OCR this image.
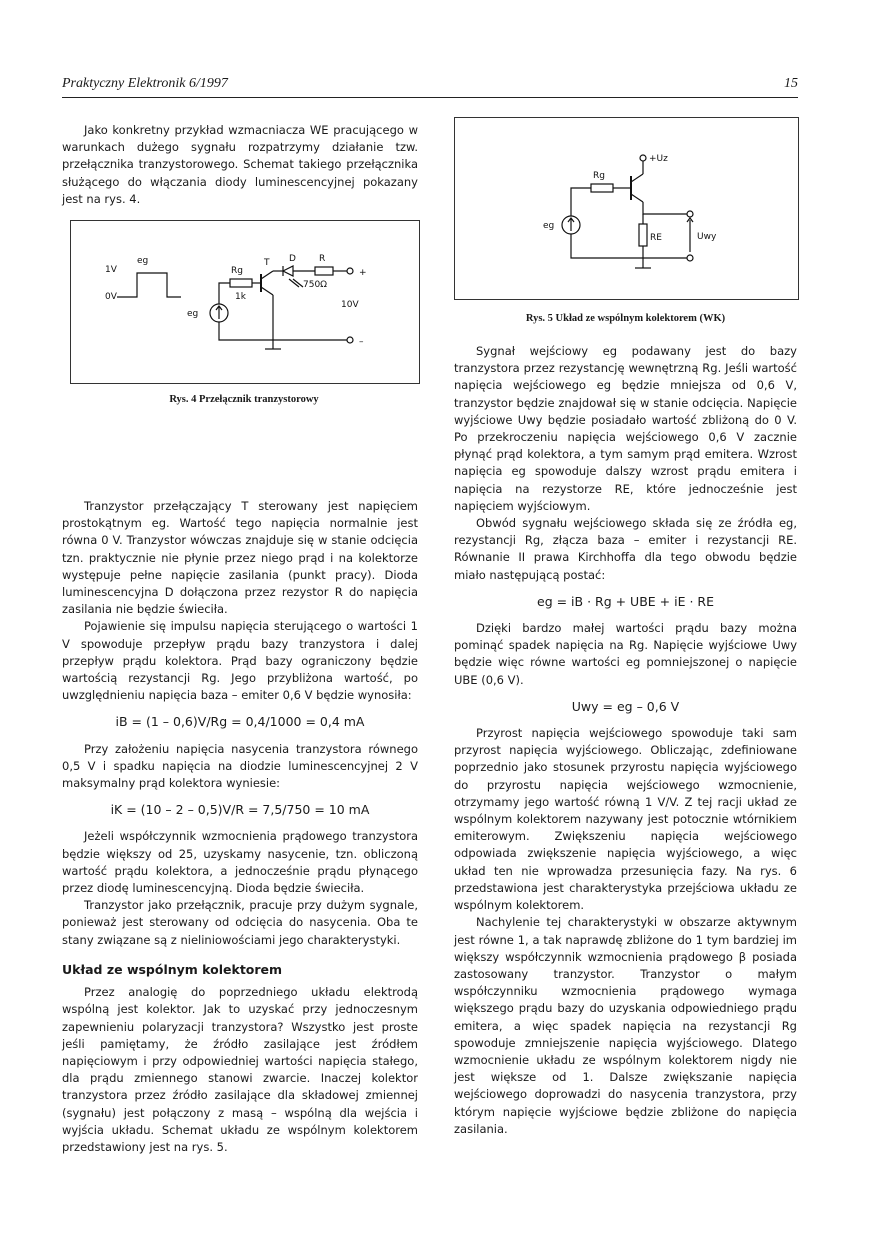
Praktyczny Elektronik 6/1997	15

Jako konkretny przykład wzmacniacza WE pracującego w warunkach dużego sygnału rozpatrzymy działanie tzw. przełącznika tranzystorowego. Schemat takiego przełącznika służącego do włączania diody luminescencyjnej pokazany jest na rys. 4.

Tranzystor przełączający T sterowany jest napięciem prostokątnym eg. Wartość tego napięcia normalnie jest równa 0 V. Tranzystor wówczas znajduje się w stanie odcięcia tzn. praktycznie nie płynie przez niego prąd i na kolektorze występuje pełne napięcie zasilania (punkt pracy). Dioda luminescencyjna D dołączona przez rezystor R do napięcia zasilania nie będzie świeciła.

Pojawienie się impulsu napięcia sterującego o wartości 1 V spowoduje przepływ prądu bazy tranzystora i dalej przepływ prądu kolektora. Prąd bazy ograniczony będzie wartością rezystancji Rg. Jego przybliżona wartość, po uwzględnieniu napięcia baza – emiter 0,6 V będzie wynosiła:

iB = (1 – 0,6)V/Rg = 0,4/1000 = 0,4 mA

Przy założeniu napięcia nasycenia tranzystora równego 0,5 V i spadku napięcia na diodzie luminescencyjnej 2 V maksymalny prąd kolektora wyniesie:

iK = (10 – 2 – 0,5)V/R = 7,5/750 = 10 mA

Jeżeli współczynnik wzmocnienia prądowego tranzystora będzie większy od 25, uzyskamy nasycenie, tzn. obliczoną wartość prądu kolektora, a jednocześnie prądu płynącego przez diodę luminescencyjną. Dioda będzie świeciła.

Tranzystor jako przełącznik, pracuje przy dużym sygnale, ponieważ jest sterowany od odcięcia do nasycenia. Oba te stany związane są z nieliniowościami jego charakterystyki.

Układ ze wspólnym kolektorem

Przez analogię do poprzedniego układu elektrodą wspólną jest kolektor. Jak to uzyskać przy jednoczesnym zapewnieniu polaryzacji tranzystora? Wszystko jest proste jeśli pamiętamy, że źródło zasilające jest źródłem napięciowym i przy odpowiedniej wartości napięcia stałego, dla prądu zmiennego stanowi zwarcie. Inaczej kolektor tranzystora przez źródło zasilające dla składowej zmiennej (sygnału) jest połączony z masą – wspólną dla wejścia i wyjścia układu. Schemat układu ze wspólnym kolektorem przedstawiony jest na rys. 5.

1V
0V
eg
eg
Rg
1k
T D	R
750Ω
+
10V
–
Rys. 4 Przełącznik tranzystorowy
+Uz
Rg
eg
RE	Uwy
Rys. 5 Układ ze wspólnym kolektorem (WK)

Sygnał wejściowy eg podawany jest do bazy tranzystora przez rezystancję wewnętrzną Rg. Jeśli wartość napięcia wejściowego eg będzie mniejsza od 0,6 V, tranzystor będzie znajdował się w stanie odcięcia. Napięcie wyjściowe Uwy będzie posiadało wartość zbliżoną do 0 V. Po przekroczeniu napięcia wejściowego 0,6 V zacznie płynąć prąd kolektora, a tym samym prąd emitera. Wzrost napięcia eg spowoduje dalszy wzrost prądu emitera i napięcia na rezystorze RE, które jednocześnie jest napięciem wyjściowym.

Obwód sygnału wejściowego składa się ze źródła eg, rezystancji Rg, złącza baza – emiter i rezystancji RE. Równanie II prawa Kirchhoffa dla tego obwodu będzie miało następującą postać:

eg = iB · Rg + UBE + iE · RE

Dzięki bardzo małej wartości prądu bazy można pominąć spadek napięcia na Rg. Napięcie wyjściowe Uwy będzie więc równe wartości eg pomniejszonej o napięcie UBE (0,6 V).

Uwy = eg – 0,6 V

Przyrost napięcia wejściowego spowoduje taki sam przyrost napięcia wyjściowego. Obliczając, zdefiniowane poprzednio jako stosunek przyrostu napięcia wyjściowego do przyrostu napięcia wejściowego wzmocnienie, otrzymamy jego wartość równą 1 V/V. Z tej racji układ ze wspólnym kolektorem nazywany jest potocznie wtórnikiem emiterowym. Zwiększeniu napięcia wejściowego odpowiada zwiększenie napięcia wyjściowego, a więc układ ten nie wprowadza przesunięcia fazy. Na rys. 6 przedstawiona jest charakterystyka przejściowa układu ze wspólnym kolektorem.

Nachylenie tej charakterystyki w obszarze aktywnym jest równe 1, a tak naprawdę zbliżone do 1 tym bardziej im większy współczynnik wzmocnienia prądowego β posiada zastosowany tranzystor. Tranzystor o małym współczynniku wzmocnienia prądowego wymaga większego prądu bazy do uzyskania odpowiedniego prądu emitera, a więc spadek napięcia na rezystancji Rg spowoduje zmniejszenie napięcia wyjściowego. Dlatego wzmocnienie układu ze wspólnym kolektorem nigdy nie jest większe od 1. Dalsze zwiększanie napięcia wejściowego doprowadzi do nasycenia tranzystora, przy którym napięcie wyjściowe będzie zbliżone do napięcia zasilania.
